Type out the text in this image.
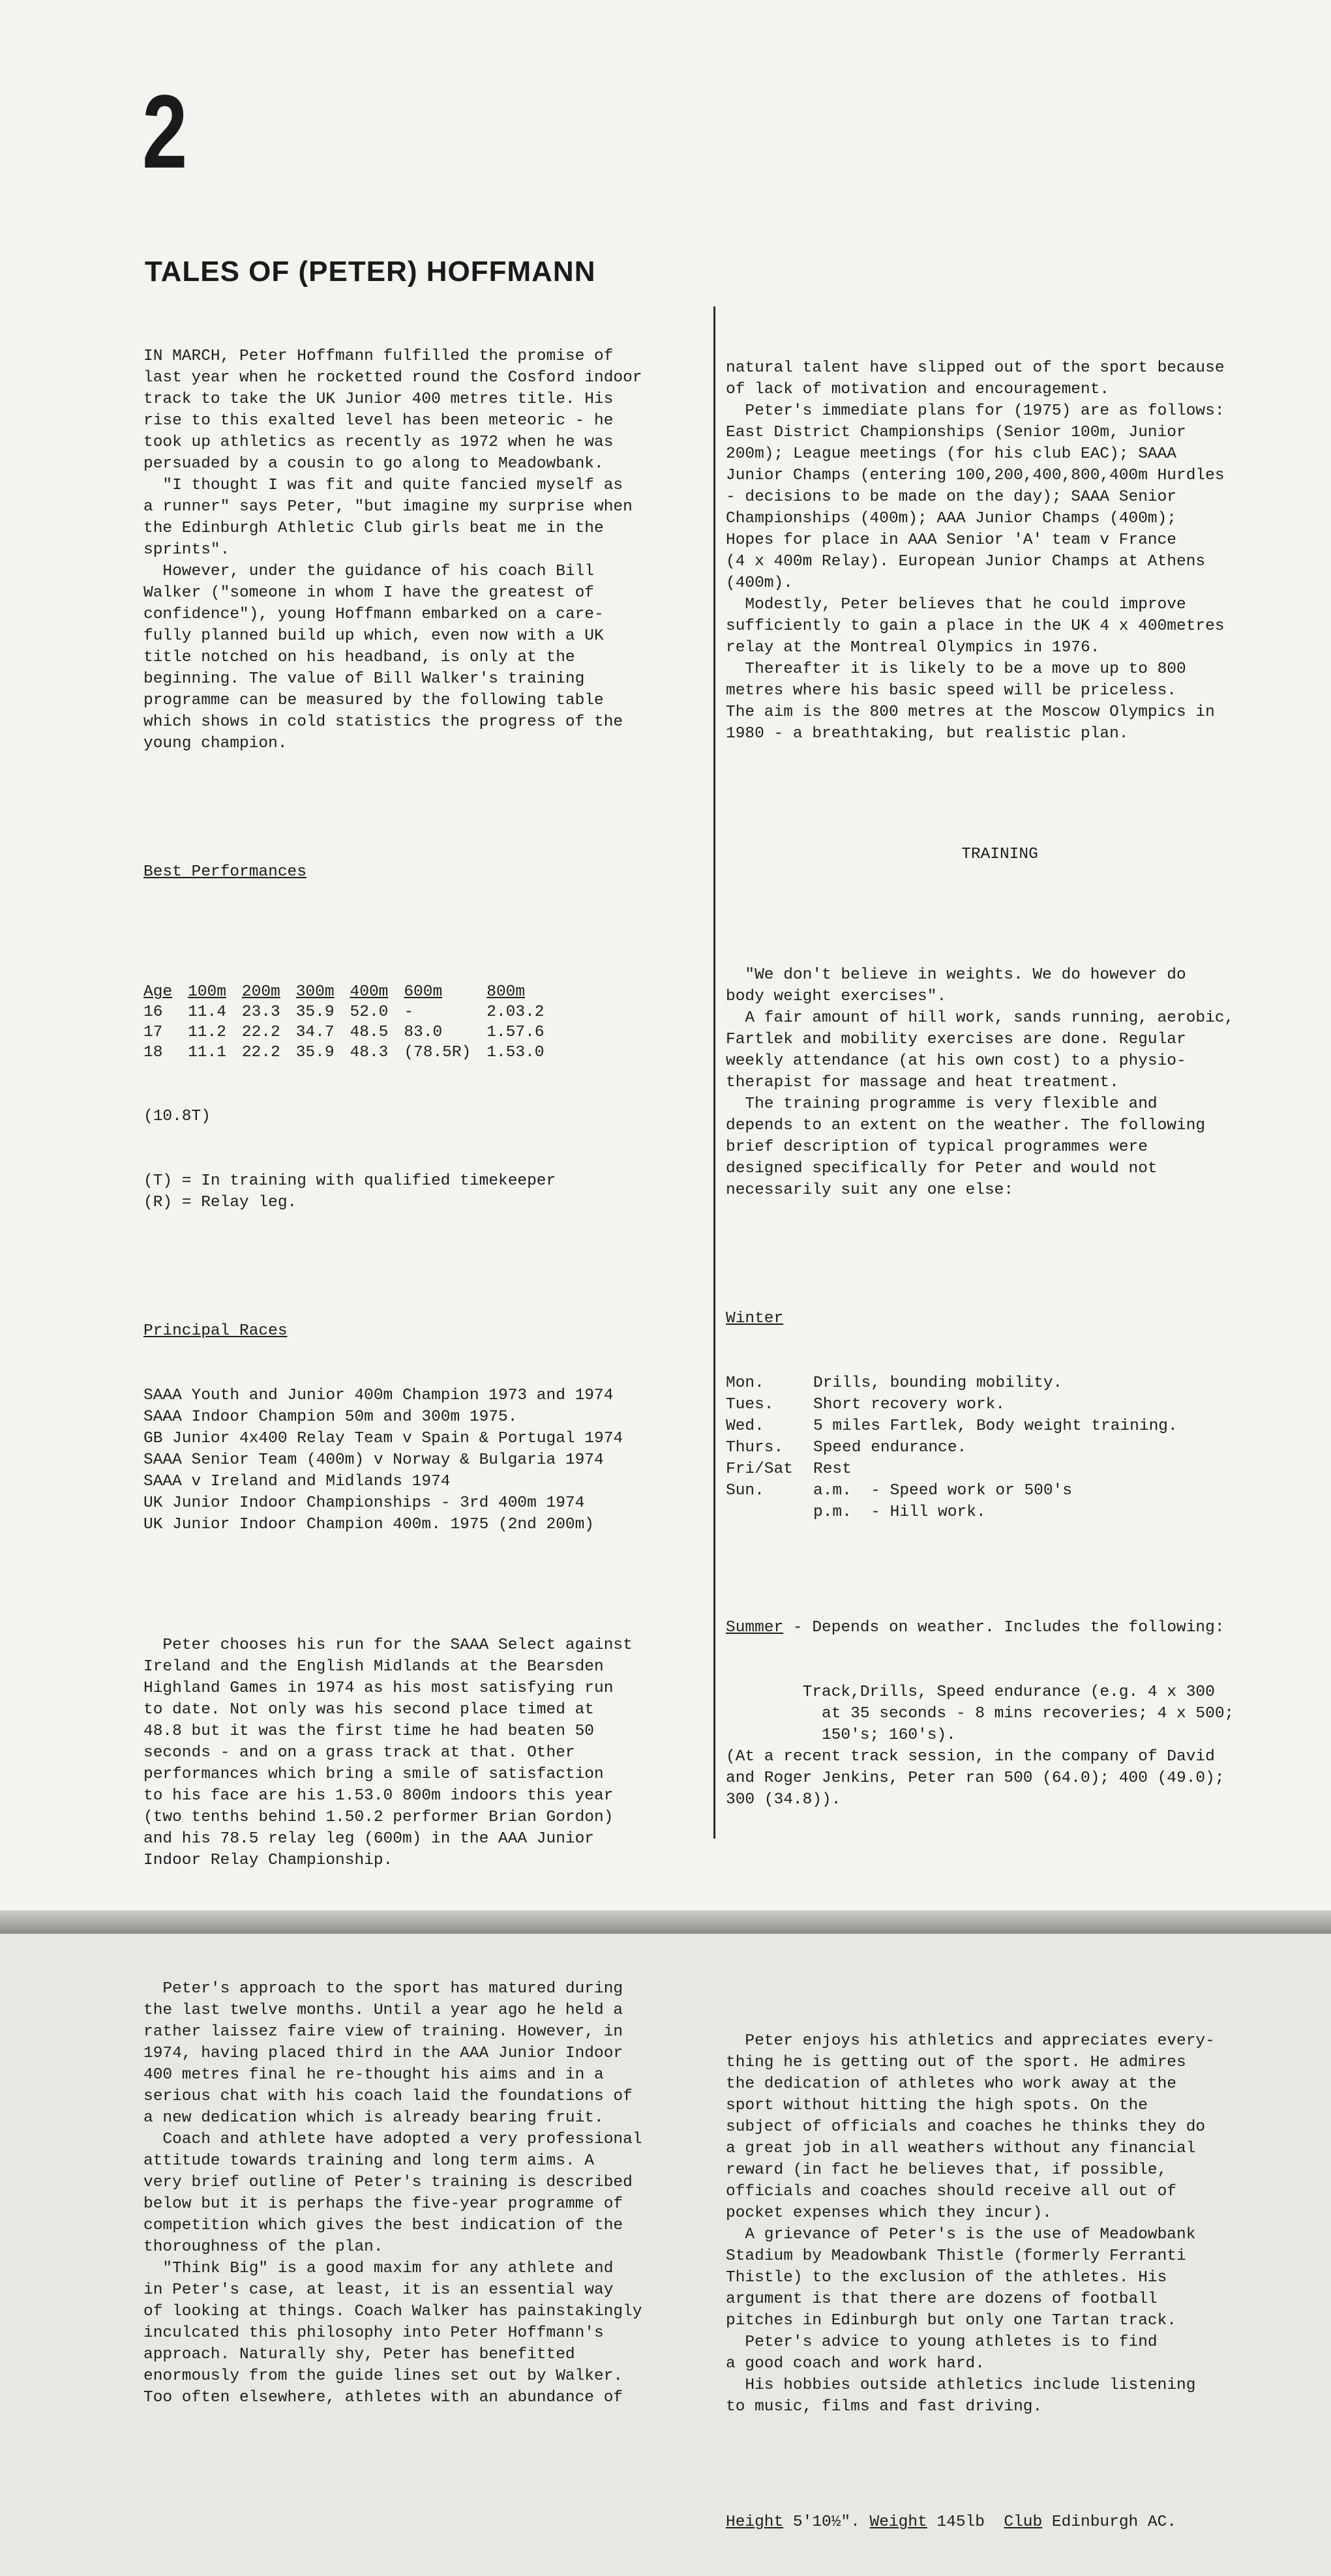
2
TALES OF (PETER) HOFFMANN

IN MARCH, Peter Hoffmann fulfilled the promise of
last year when he rocketted round the Cosford indoor
track to take the UK Junior 400 metres title. His
rise to this exalted level has been meteoric - he
took up athletics as recently as 1972 when he was
persuaded by a cousin to go along to Meadowbank.
"I thought I was fit and quite fancied myself as
a runner" says Peter, "but imagine my surprise when
the Edinburgh Athletic Club girls beat me in the
sprints".
However, under the guidance of his coach Bill
Walker ("someone in whom I have the greatest of
confidence"), young Hoffmann embarked on a care-
fully planned build up which, even now with a UK
title notched on his headband, is only at the
beginning. The value of Bill Walker's training
programme can be measured by the following table
which shows in cold statistics the progress of the
young champion.

Best Performances

Age	100m	200m	300m	400m	600m	800m
16	11.4	23.3	35.9	52.0	-	2.03.2
17	11.2	22.2	34.7	48.5	83.0	1.57.6
18	11.1	22.2	35.9	48.3	(78.5R)	1.53.0

(10.8T)

(T) = In training with qualified timekeeper
(R) = Relay leg.

Principal Races

SAAA Youth and Junior 400m Champion 1973 and 1974
SAAA Indoor Champion 50m and 300m 1975.
GB Junior 4x400 Relay Team v Spain & Portugal 1974
SAAA Senior Team (400m) v Norway & Bulgaria 1974
SAAA v Ireland and Midlands 1974
UK Junior Indoor Championships - 3rd 400m 1974
UK Junior Indoor Champion 400m. 1975 (2nd 200m)

Peter chooses his run for the SAAA Select against
Ireland and the English Midlands at the Bearsden
Highland Games in 1974 as his most satisfying run
to date. Not only was his second place timed at
48.8 but it was the first time he had beaten 50
seconds - and on a grass track at that. Other
performances which bring a smile of satisfaction
to his face are his 1.53.0 800m indoors this year
(two tenths behind 1.50.2 performer Brian Gordon)
and his 78.5 relay leg (600m) in the AAA Junior
Indoor Relay Championship.

Peter's approach to the sport has matured during
the last twelve months. Until a year ago he held a
rather laissez faire view of training. However, in
1974, having placed third in the AAA Junior Indoor
400 metres final he re-thought his aims and in a
serious chat with his coach laid the foundations of
a new dedication which is already bearing fruit.
Coach and athlete have adopted a very professional
attitude towards training and long term aims. A
very brief outline of Peter's training is described
below but it is perhaps the five-year programme of
competition which gives the best indication of the
thoroughness of the plan.
"Think Big" is a good maxim for any athlete and
in Peter's case, at least, it is an essential way
of looking at things. Coach Walker has painstakingly
inculcated this philosophy into Peter Hoffmann's
approach. Naturally shy, Peter has benefitted
enormously from the guide lines set out by Walker.
Too often elsewhere, athletes with an abundance of

natural talent have slipped out of the sport because
of lack of motivation and encouragement.
Peter's immediate plans for (1975) are as follows:
East District Championships (Senior 100m, Junior
200m); League meetings (for his club EAC); SAAA
Junior Champs (entering 100,200,400,800,400m Hurdles
- decisions to be made on the day); SAAA Senior
Championships (400m); AAA Junior Champs (400m);
Hopes for place in AAA Senior 'A' team v France
(4 x 400m Relay). European Junior Champs at Athens
(400m).
Modestly, Peter believes that he could improve
sufficiently to gain a place in the UK 4 x 400metres
relay at the Montreal Olympics in 1976.
Thereafter it is likely to be a move up to 800
metres where his basic speed will be priceless.
The aim is the 800 metres at the Moscow Olympics in
1980 - a breathtaking, but realistic plan.

TRAINING

"We don't believe in weights. We do however do
body weight exercises".
A fair amount of hill work, sands running, aerobic,
Fartlek and mobility exercises are done. Regular
weekly attendance (at his own cost) to a physio-
therapist for massage and heat treatment.
The training programme is very flexible and
depends to an extent on the weather. The following
brief description of typical programmes were
designed specifically for Peter and would not
necessarily suit any one else:

Winter

Mon.	Drills, bounding mobility.
Tues.	Short recovery work.
Wed.	5 miles Fartlek, Body weight training.
Thurs.	Speed endurance.
Fri/Sat	Rest
Sun.	a.m.  - Speed work or 500's
	p.m.  - Hill work.

Summer - Depends on weather. Includes the following:

Track,Drills, Speed endurance (e.g. 4 x 300
at 35 seconds - 8 mins recoveries; 4 x 500;
150's; 160's).
(At a recent track session, in the company of David
and Roger Jenkins, Peter ran 500 (64.0); 400 (49.0);
300 (34.8)).

Peter enjoys his athletics and appreciates every-
thing he is getting out of the sport. He admires
the dedication of athletes who work away at the
sport without hitting the high spots. On the
subject of officials and coaches he thinks they do
a great job in all weathers without any financial
reward (in fact he believes that, if possible,
officials and coaches should receive all out of
pocket expenses which they incur).
A grievance of Peter's is the use of Meadowbank
Stadium by Meadowbank Thistle (formerly Ferranti
Thistle) to the exclusion of the athletes. His
argument is that there are dozens of football
pitches in Edinburgh but only one Tartan track.
Peter's advice to young athletes is to find
a good coach and work hard.
His hobbies outside athletics include listening
to music, films and fast driving.

Height 5'10½". Weight 145lb  Club Edinburgh AC.
